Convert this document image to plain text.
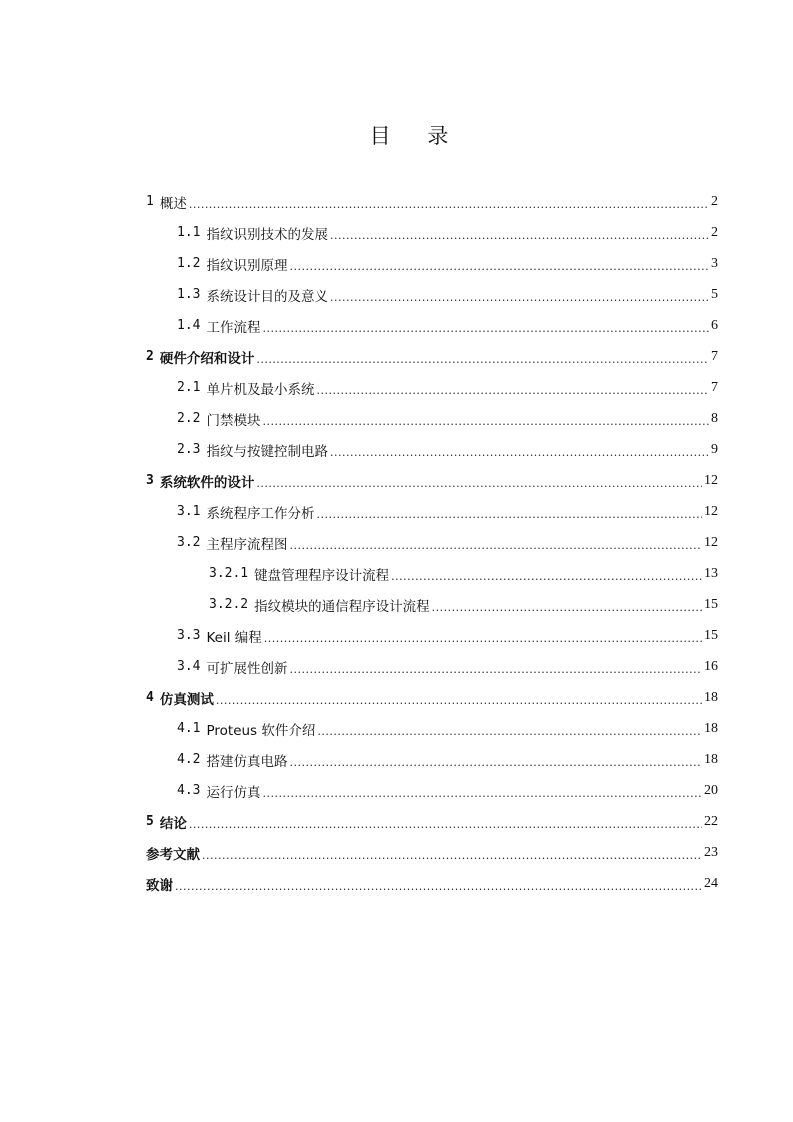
目 录
1 概述 .....	2
1.1 指纹识别技术的发展 .....	2
1.2 指纹识别原理 .....	3
1.3 系统设计目的及意义 .....	5
1.4 工作流程 .....	6
2 硬件介绍和设计 .....	7
2.1 单片机及最小系统 .....	7
2.2 门禁模块 .....	8
2.3 指纹与按键控制电路 .....	9
3 系统软件的设计 .....	12
3.1 系统程序工作分析 .....	12
3.2 主程序流程图 .....	12
3.2.1 键盘管理程序设计流程 .....	13
3.2.2 指纹模块的通信程序设计流程 .....	15
3.3 Keil 编程 .....	15
3.4 可扩展性创新 .....	16
4 仿真测试 .....	18
4.1 Proteus 软件介绍 .....	18
4.2 搭建仿真电路 .....	18
4.3 运行仿真 .....	20
5 结论 .....	22
参考文献 .....	23
致谢 .....	24
